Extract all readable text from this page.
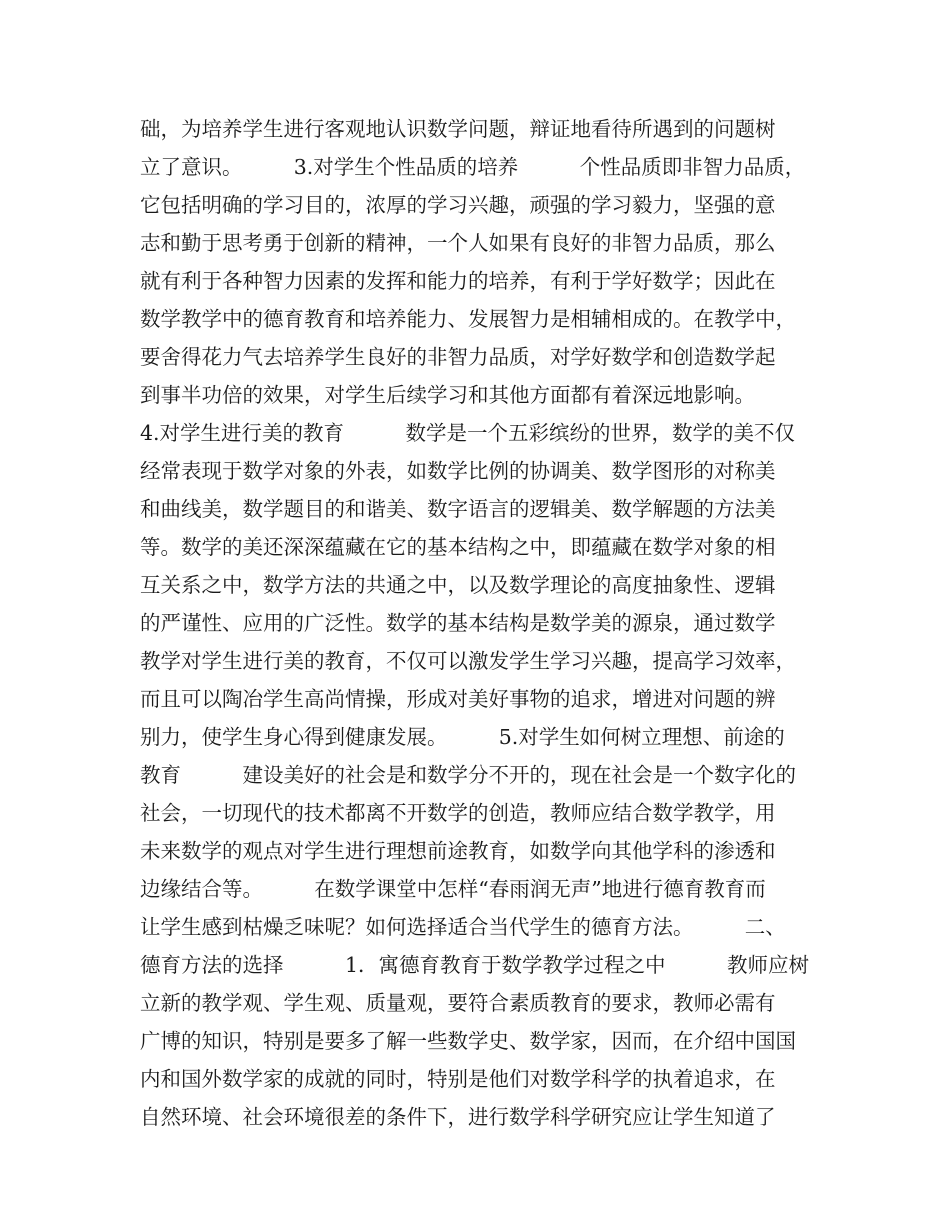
础，为培养学生进行客观地认识数学问题，辩证地看待所遇到的问题树
立了意识。　　　3.对学生个性品质的培养　　　个性品质即非智力品质，
它包括明确的学习目的，浓厚的学习兴趣，顽强的学习毅力，坚强的意
志和勤于思考勇于创新的精神，一个人如果有良好的非智力品质，那么
就有利于各种智力因素的发挥和能力的培养，有利于学好数学；因此在
数学教学中的德育教育和培养能力、发展智力是相辅相成的。在教学中，
要舍得花力气去培养学生良好的非智力品质，对学好数学和创造数学起
到事半功倍的效果，对学生后续学习和其他方面都有着深远地影响。
4.对学生进行美的教育　　　数学是一个五彩缤纷的世界，数学的美不仅
经常表现于数学对象的外表，如数学比例的协调美、数学图形的对称美
和曲线美，数学题目的和谐美、数字语言的逻辑美、数学解题的方法美
等。数学的美还深深蕴藏在它的基本结构之中，即蕴藏在数学对象的相
互关系之中，数学方法的共通之中，以及数学理论的高度抽象性、逻辑
的严谨性、应用的广泛性。数学的基本结构是数学美的源泉，通过数学
教学对学生进行美的教育，不仅可以激发学生学习兴趣，提高学习效率，
而且可以陶冶学生高尚情操，形成对美好事物的追求，增进对问题的辨
别力，使学生身心得到健康发展。　　　5.对学生如何树立理想、前途的
教育　　　建设美好的社会是和数学分不开的，现在社会是一个数字化的
社会，一切现代的技术都离不开数学的创造，教师应结合数学教学，用
未来数学的观点对学生进行理想前途教育，如数学向其他学科的渗透和
边缘结合等。　　　在数学课堂中怎样“春雨润无声”地进行德育教育而
让学生感到枯燥乏味呢？如何选择适合当代学生的德育方法。　　　二、
德育方法的选择　　　1．寓德育教育于数学教学过程之中　　　教师应树
立新的教学观、学生观、质量观，要符合素质教育的要求，教师必需有
广博的知识，特别是要多了解一些数学史、数学家，因而，在介绍中国国
内和国外数学家的成就的同时，特别是他们对数学科学的执着追求，在
自然环境、社会环境很差的条件下，进行数学科学研究应让学生知道了
